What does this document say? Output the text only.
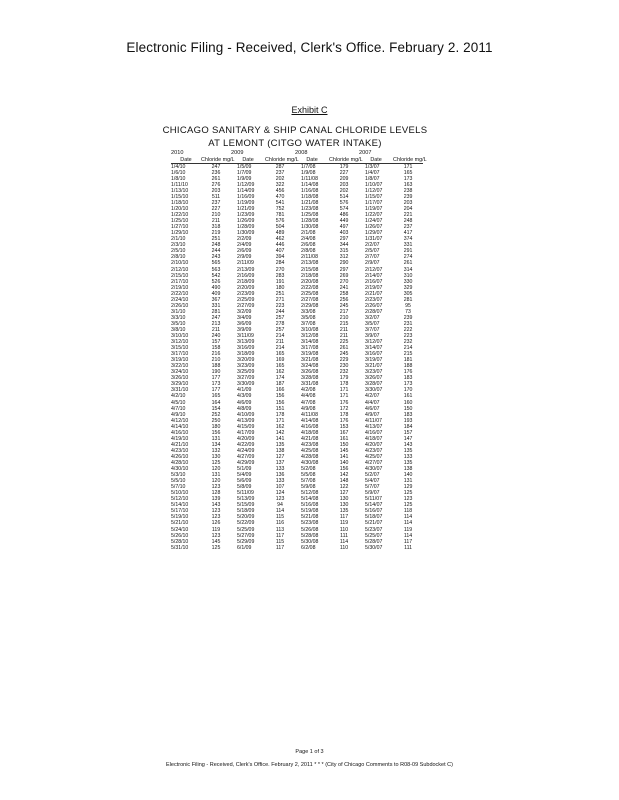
Electronic Filing - Received, Clerk's Office. February 2. 2011
Exhibit C
CHICAGO SANITARY & SHIP CANAL CHLORIDE LEVELS
AT LEMONT (CITGO WATER INTAKE)
2010		2009		2008		2007	
Date	Chloride mg/L	Date	Chloride mg/L	Date	Chloride mg/L	Date	Chloride mg/L
1/4/10	247	1/5/09	287	1/7/08	179	1/3/07	171
1/6/10	236	1/7/09	237	1/9/08	227	1/4/07	165
1/8/10	261	1/9/09	202	1/11/08	209	1/8/07	173
1/11/10	276	1/12/09	322	1/14/08	203	1/10/07	163
1/13/10	203	1/14/09	456	1/16/08	202	1/12/07	238
1/15/10	511	1/16/09	470	1/18/08	514	1/15/07	239
1/18/10	237	1/19/09	541	1/21/08	576	1/17/07	203
1/20/10	227	1/21/09	752	1/23/08	574	1/19/07	204
1/22/10	210	1/23/09	781	1/25/08	486	1/22/07	221
1/25/10	211	1/26/09	576	1/28/08	449	1/24/07	248
1/27/10	318	1/28/09	504	1/30/08	497	1/26/07	237
1/29/10	219	1/30/09	489	2/1/08	403	1/29/07	417
2/1/10	251	2/2/09	462	2/4/08	297	1/31/07	374
2/3/10	248	2/4/09	446	2/6/08	344	2/2/07	331
2/5/10	244	2/6/09	407	2/8/08	315	2/5/07	291
2/8/10	243	2/9/09	394	2/11/08	312	2/7/07	274
2/10/10	565	2/11/09	284	2/13/08	290	2/9/07	261
2/12/10	563	2/13/09	270	2/15/08	297	2/12/07	314
2/15/10	542	2/16/09	283	2/18/08	269	2/14/07	310
2/17/10	526	2/18/09	191	2/20/08	270	2/16/07	330
2/19/10	490	2/20/09	180	2/22/08	241	2/19/07	329
2/22/10	409	2/23/09	251	2/25/08	258	2/21/07	305
2/24/10	367	2/25/09	271	2/27/08	256	2/23/07	281
2/26/10	331	2/27/09	223	2/29/08	245	2/26/07	95
3/1/10	281	3/2/09	244	3/3/08	217	2/28/07	73
3/3/10	247	3/4/09	257	3/5/08	210	3/2/07	239
3/5/10	213	3/6/09	278	3/7/08	215	3/5/07	231
3/8/10	211	3/9/09	257	3/10/08	211	3/7/07	222
3/10/10	240	3/11/09	214	3/12/08	211	3/9/07	223
3/12/10	157	3/13/09	211	3/14/08	225	3/12/07	232
3/15/10	158	3/16/09	214	3/17/08	261	3/14/07	214
3/17/10	216	3/18/09	165	3/19/08	245	3/16/07	215
3/19/10	210	3/20/09	169	3/21/08	229	3/19/07	181
3/22/10	188	3/23/09	165	3/24/08	230	3/21/07	188
3/24/10	190	3/25/09	162	3/26/08	232	3/23/07	176
3/26/10	177	3/27/09	174	3/28/08	179	3/26/07	183
3/29/10	173	3/30/09	187	3/31/08	178	3/28/07	173
3/31/10	177	4/1/09	166	4/2/08	171	3/30/07	170
4/2/10	165	4/3/09	156	4/4/08	171	4/2/07	161
4/5/10	164	4/6/09	156	4/7/08	176	4/4/07	160
4/7/10	154	4/8/09	151	4/9/08	172	4/6/07	150
4/9/10	252	4/10/09	178	4/11/08	178	4/9/07	183
4/12/10	250	4/13/09	171	4/14/08	176	4/11/07	193
4/14/10	180	4/15/09	162	4/16/08	153	4/13/07	184
4/16/10	156	4/17/09	142	4/18/08	167	4/16/07	157
4/19/10	131	4/20/09	141	4/21/08	161	4/18/07	147
4/21/10	134	4/22/09	135	4/23/08	150	4/20/07	143
4/23/10	132	4/24/09	138	4/25/08	145	4/23/07	135
4/26/10	130	4/27/09	127	4/28/08	141	4/25/07	133
4/28/10	125	4/29/09	137	4/30/08	140	4/27/07	135
4/30/10	120	5/1/09	133	5/2/08	156	4/30/07	138
5/3/10	131	5/4/09	136	5/5/08	142	5/2/07	140
5/5/10	120	5/6/09	133	5/7/08	148	5/4/07	131
5/7/10	123	5/8/09	107	5/9/08	122	5/7/07	129
5/10/10	128	5/11/09	124	5/12/08	127	5/9/07	125
5/12/10	139	5/13/09	123	5/14/08	130	5/11/07	123
5/14/10	143	5/15/09	94	5/16/08	130	5/14/07	125
5/17/10	123	5/18/09	114	5/19/08	135	5/16/07	118
5/19/10	123	5/20/09	115	5/21/08	117	5/18/07	114
5/21/10	126	5/22/09	116	5/23/08	119	5/21/07	114
5/24/10	119	5/25/09	113	5/26/08	110	5/23/07	119
5/26/10	123	5/27/09	117	5/28/08	111	5/25/07	114
5/28/10	145	5/29/09	115	5/30/08	114	5/28/07	117
5/31/10	125	6/1/09	117	6/2/08	110	5/30/07	111
Page 1 of 3
Electronic Filing - Received, Clerk's Office. February 2, 2011 * * * (City of Chicago Comments to R08-09 Subdocket C)
